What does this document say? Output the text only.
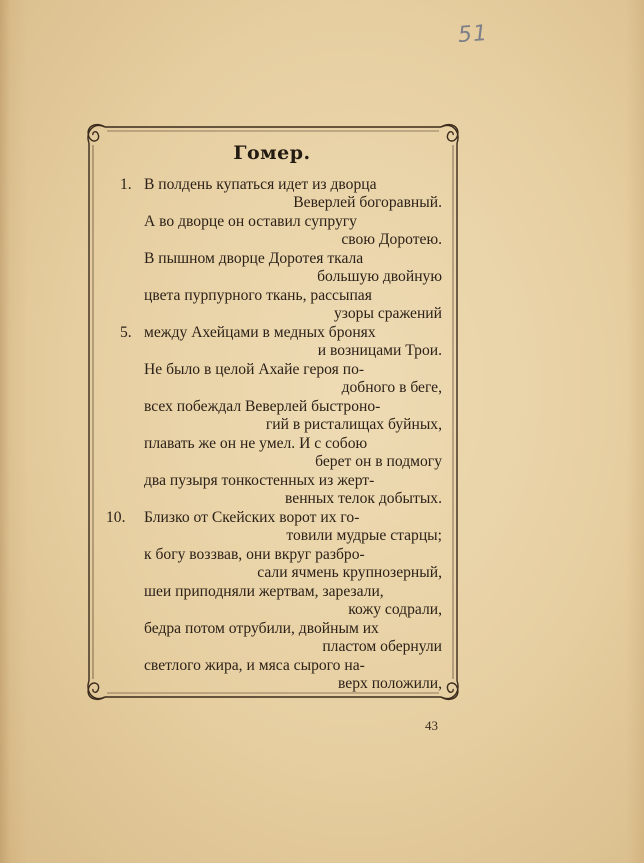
51
Гомер.
1. В полдень купаться идет из дворца
Веверлей богоравный.
А во дворце он оставил супругу
свою Доротею.
В пышном дворце Доротея ткала
большую двойную
цвета пурпурного ткань, рассыпая
узоры сражений
5. между Ахейцами в медных бронях
и возницами Трои.
Не было в целой Ахайе героя по-
добного в беге,
всех побеждал Веверлей быстроно-
гий в ристалищах буйных,
плавать же он не умел. И с собою
берет он в подмогу
два пузыря тонкостенных из жерт-
венных телок добытых.
10. Близко от Скейских ворот их го-
товили мудрые старцы;
к богу воззвав, они вкруг разбро-
сали ячмень крупнозерный,
шеи приподняли жертвам, зарезали,
кожу содрали,
бедра потом отрубили, двойным их
пластом обернули
светлого жира, и мяса сырого на-
верх положили,
43
